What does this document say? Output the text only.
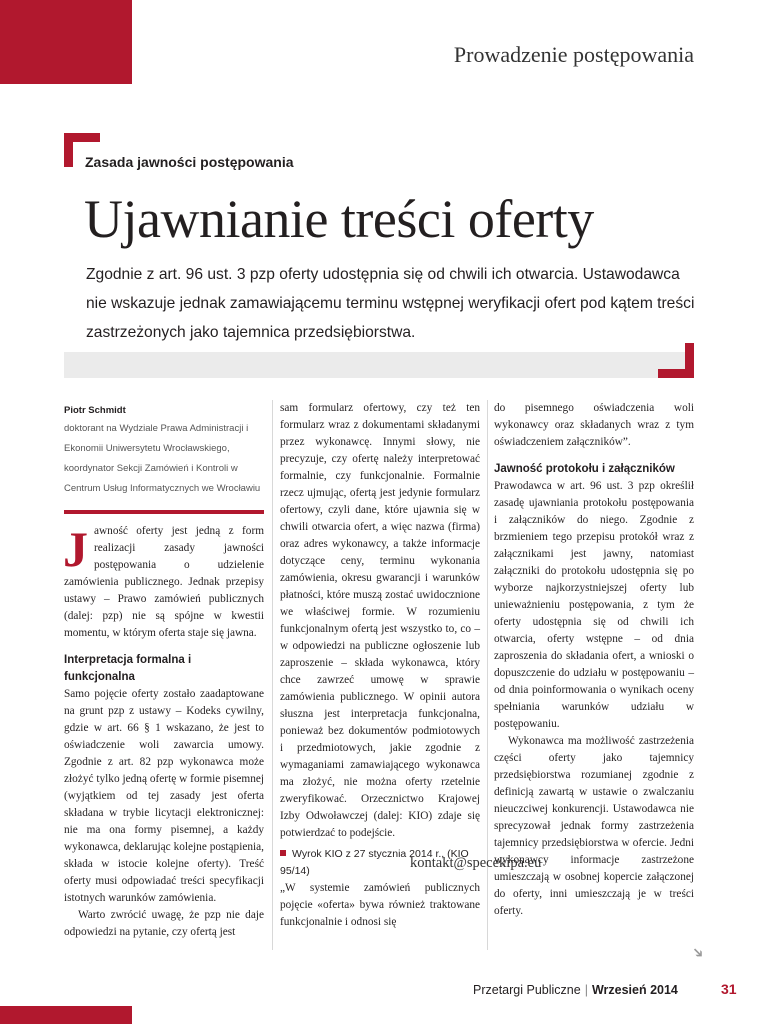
Prowadzenie postępowania
Zasada jawności postępowania
Ujawnianie treści oferty
Zgodnie z art. 96 ust. 3 pzp oferty udostępnia się od chwili ich otwarcia. Ustawodawca nie wskazuje jednak zamawiającemu terminu wstępnej weryfikacji ofert pod kątem treści zastrzeżonych jako tajemnica przedsiębiorstwa.

Piotr Schmidt

doktorant na Wydziale Prawa Administracji i Ekonomii Uniwersytetu Wrocławskiego, koordynator Sekcji Zamówień i Kontroli w Centrum Usług Informatycznych we Wrocławiu

Jawność oferty jest jedną z form realizacji zasady jawności postępowania o udzielenie zamówienia publicznego. Jednak przepisy ustawy – Prawo zamówień publicznych (dalej: pzp) nie są spójne w kwestii momentu, w którym oferta staje się jawna.

Interpretacja formalna i funkcjonalna

Samo pojęcie oferty zostało zaadaptowane na grunt pzp z ustawy – Kodeks cywilny, gdzie w art. 66 § 1 wskazano, że jest to oświadczenie woli zawarcia umowy. Zgodnie z art. 82 pzp wykonawca może złożyć tylko jedną ofertę w formie pisemnej (wyjątkiem od tej zasady jest oferta składana w trybie licytacji elektronicznej: nie ma ona formy pisemnej, a każdy wykonawca, deklarując kolejne postąpienia, składa w istocie kolejne oferty). Treść oferty musi odpowiadać treści specyfikacji istotnych warunków zamówienia.

Warto zwrócić uwagę, że pzp nie daje odpowiedzi na pytanie, czy ofertą jest

sam formularz ofertowy, czy też ten formularz wraz z dokumentami składanymi przez wykonawcę. Innymi słowy, nie precyzuje, czy ofertę należy interpretować formalnie, czy funkcjonalnie. Formalnie rzecz ujmując, ofertą jest jedynie formularz ofertowy, czyli dane, które ujawnia się w chwili otwarcia ofert, a więc nazwa (firma) oraz adres wykonawcy, a także informacje dotyczące ceny, terminu wykonania zamówienia, okresu gwarancji i warunków płatności, które muszą zostać uwidocznione we właściwej formie. W rozumieniu funkcjonalnym ofertą jest wszystko to, co – w odpowiedzi na publiczne ogłoszenie lub zaproszenie – składa wykonawca, który chce zawrzeć umowę w sprawie zamówienia publicznego. W opinii autora słuszna jest interpretacja funkcjonalna, ponieważ bez dokumentów podmiotowych i przedmiotowych, jakie zgodnie z wymaganiami zamawiającego wykonawca ma złożyć, nie można oferty rzetelnie zweryfikować. Orzecznictwo Krajowej Izby Odwoławczej (dalej: KIO) zdaje się potwierdzać to podejście.

Wyrok KIO z 27 stycznia 2014 r., (KIO 95/14)

„W systemie zamówień publicznych pojęcie «oferta» bywa również traktowane funkcjonalnie i odnosi się

do pisemnego oświadczenia woli wykonawcy oraz składanych wraz z tym oświadczeniem załączników”.

Jawność protokołu i załączników

Prawodawca w art. 96 ust. 3 pzp określił zasadę ujawniania protokołu postępowania i załączników do niego. Zgodnie z brzmieniem tego przepisu protokół wraz z załącznikami jest jawny, natomiast załączniki do protokołu udostępnia się po wyborze najkorzystniejszej oferty lub unieważnieniu postępowania, z tym że oferty udostępnia się od chwili ich otwarcia, oferty wstępne – od dnia zaproszenia do składania ofert, a wnioski o dopuszczenie do udziału w postępowaniu – od dnia poinformowania o wynikach oceny spełniania warunków udziału w postępowaniu.

Wykonawca ma możliwość zastrzeżenia części oferty jako tajemnicy przedsiębiorstwa rozumianej zgodnie z definicją zawartą w ustawie o zwalczaniu nieuczciwej konkurencji. Ustawodawca nie sprecyzował jednak formy zastrzeżenia tajemnicy przedsiębiorstwa w ofercie. Jedni wykonawcy informacje zastrzeżone umieszczają w osobnej kopercie załączonej do oferty, inni umieszczają je w treści oferty.

kontakt@specekipa.eu
➔
Przetargi Publiczne | Wrzesień 2014	31
